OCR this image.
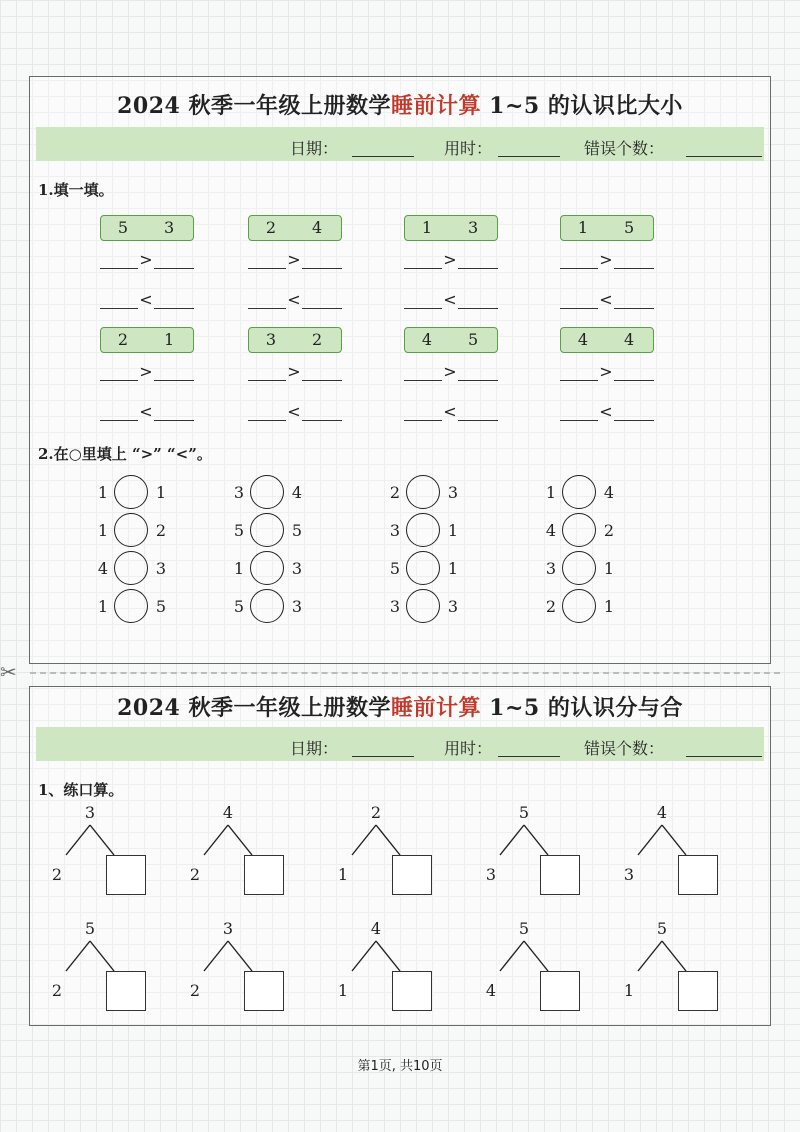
✂
2024 秋季一年级上册数学睡前计算 1~5 的认识比大小
日期：	用时：	错误个数：
1.填一填。
5　3
>
<
2　4
>
<
1　3
>
<
1　5
>
<
2　1
>
<
3　2
>
<
4　5
>
<
4　4
>
<
2.在○里填上 “>” “<”。
1	1	3	4	2	3	1	4
1	2	5	5	3	1	4	2
4	3	1	3	5	1	3	1
1	5	5	3	3	3	2	1
2024 秋季一年级上册数学睡前计算 1~5 的认识分与合
日期：	用时：	错误个数：
1、练口算。
3
2
4
2
2
1
5
3
4
3
5
2
3
2
4
1
5
4
5
1
第1页, 共10页
